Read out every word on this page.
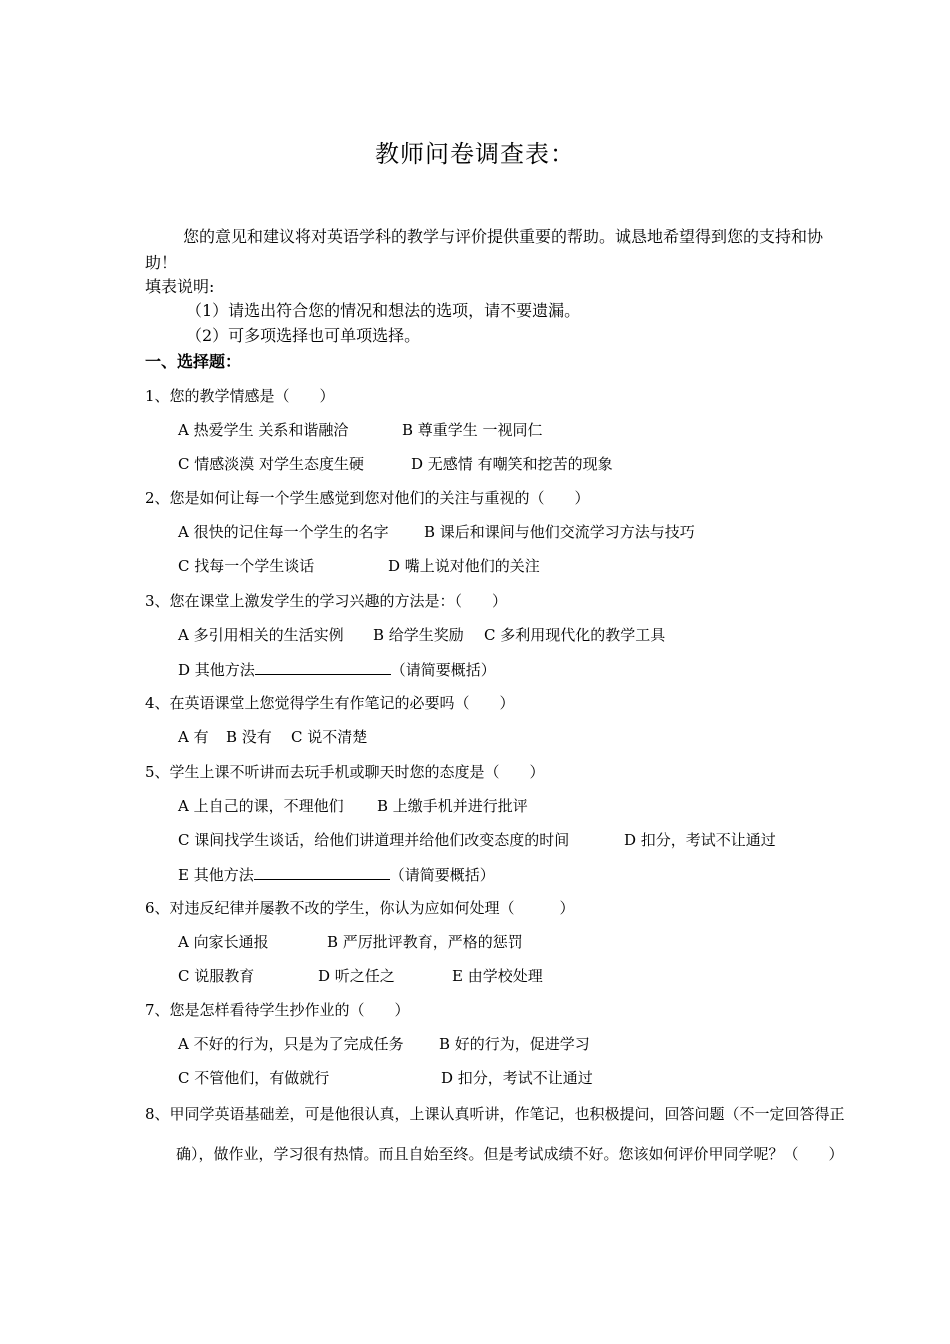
教师问卷调查表：
您的意见和建议将对英语学科的教学与评价提供重要的帮助。诚恳地希望得到您的支持和协助！
填表说明:
（1）请选出符合您的情况和想法的选项，请不要遗漏。
（2）可多项选择也可单项选择。
一、选择题：
1、您的教学情感是（　　）
A 热爱学生 关系和谐融洽	B 尊重学生 一视同仁
C 情感淡漠 对学生态度生硬	D 无感情 有嘲笑和挖苦的现象
2、您是如何让每一个学生感觉到您对他们的关注与重视的（　　）
A 很快的记住每一个学生的名字 B 课后和课间与他们交流学习方法与技巧
C 找每一个学生谈话	D 嘴上说对他们的关注
3、您在课堂上激发学生的学习兴趣的方法是：（　　）
A 多引用相关的生活实例 B 给学生奖励 C 多利用现代化的教学工具
D 其他方法	（请简要概括）
4、在英语课堂上您觉得学生有作笔记的必要吗（　　）
A 有 B 没有 C 说不清楚
5、学生上课不听讲而去玩手机或聊天时您的态度是（　　）
A 上自己的课，不理他们 B 上缴手机并进行批评
C 课间找学生谈话，给他们讲道理并给他们改变态度的时间	D 扣分，考试不让通过
E 其他方法	（请简要概括）
6、对违反纪律并屡教不改的学生，你认为应如何处理（　　　）
A 向家长通报	B 严厉批评教育，严格的惩罚
C 说服教育	D 听之任之	E 由学校处理
7、您是怎样看待学生抄作业的（　　）
A 不好的行为，只是为了完成任务 B 好的行为，促进学习
C 不管他们，有做就行	D 扣分，考试不让通过
8、甲同学英语基础差，可是他很认真，上课认真听讲，作笔记，也积极提问，回答问题（不一定回答得正确），做作业，学习很有热情。而且自始至终。但是考试成绩不好。您该如何评价甲同学呢？（　　）
